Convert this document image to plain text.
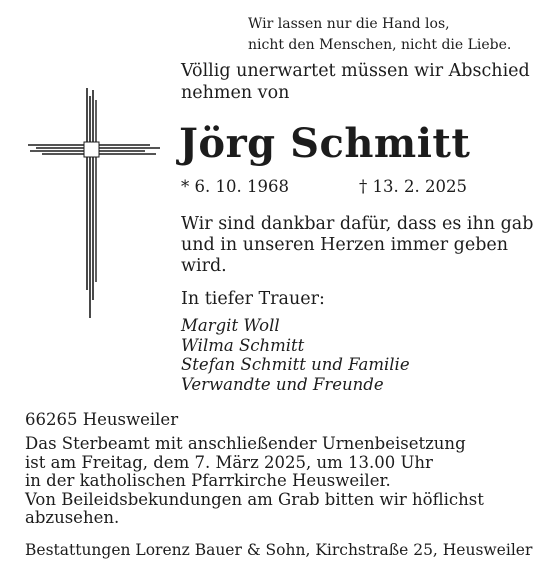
Wir lassen nur die Hand los,
nicht den Menschen, nicht die Liebe.
Völlig unerwartet müssen wir Abschied
nehmen von
Jörg Schmitt
* 6. 10. 1968	† 13. 2. 2025
Wir sind dankbar dafür, dass es ihn gab
und in unseren Herzen immer geben
wird.
In tiefer Trauer:
Margit Woll
Wilma Schmitt
Stefan Schmitt und Familie
Verwandte und Freunde
66265 Heusweiler
Das Sterbeamt mit anschließender Urnenbeisetzung
ist am Freitag, dem 7. März 2025, um 13.00 Uhr
in der katholischen Pfarrkirche Heusweiler.
Von Beileidsbekundungen am Grab bitten wir höflichst
abzusehen.
Bestattungen Lorenz Bauer & Sohn, Kirchstraße 25, Heusweiler
